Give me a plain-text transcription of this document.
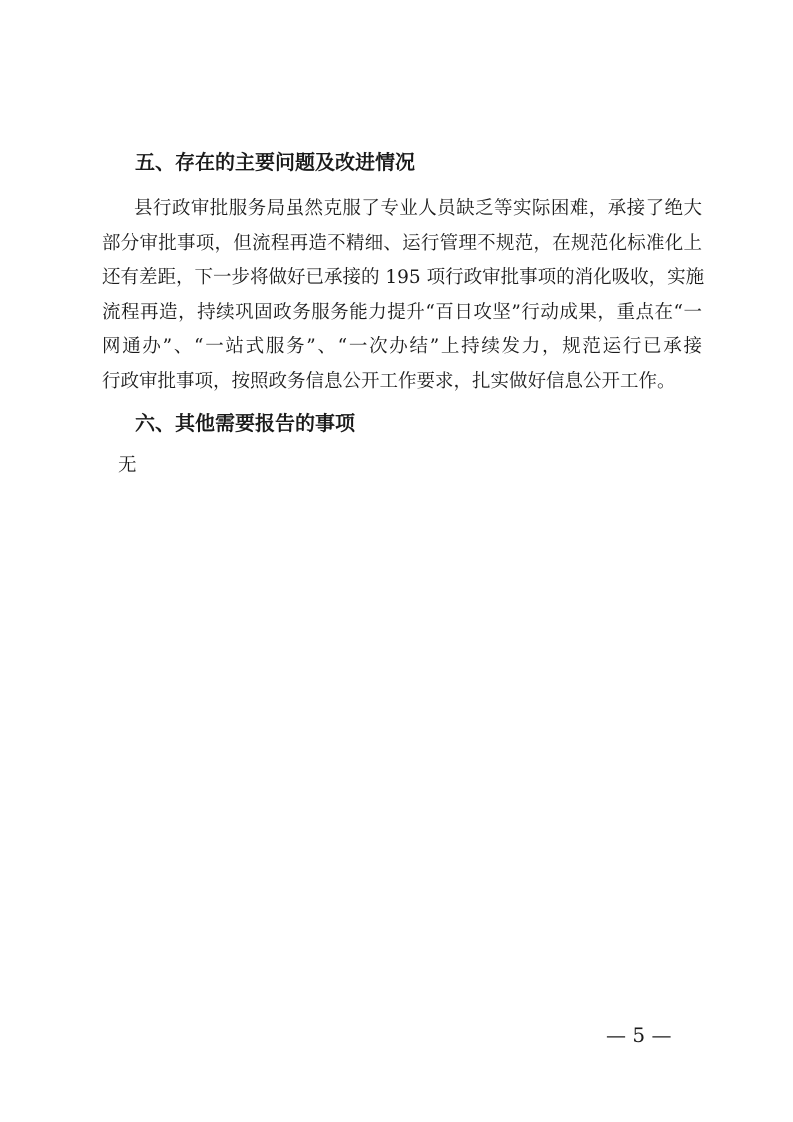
五、存在的主要问题及改进情况
县行政审批服务局虽然克服了专业人员缺乏等实际困难，承接了绝大
部分审批事项，但流程再造不精细、运行管理不规范，在规范化标准化上
还有差距，下一步将做好已承接的 195 项行政审批事项的消化吸收，实施
流程再造，持续巩固政务服务能力提升“百日攻坚”行动成果，重点在“一
网通办”、“一站式服务”、“一次办结”上持续发力，规范运行已承接
行政审批事项，按照政务信息公开工作要求，扎实做好信息公开工作。
六、其他需要报告的事项
无
— 5 —
